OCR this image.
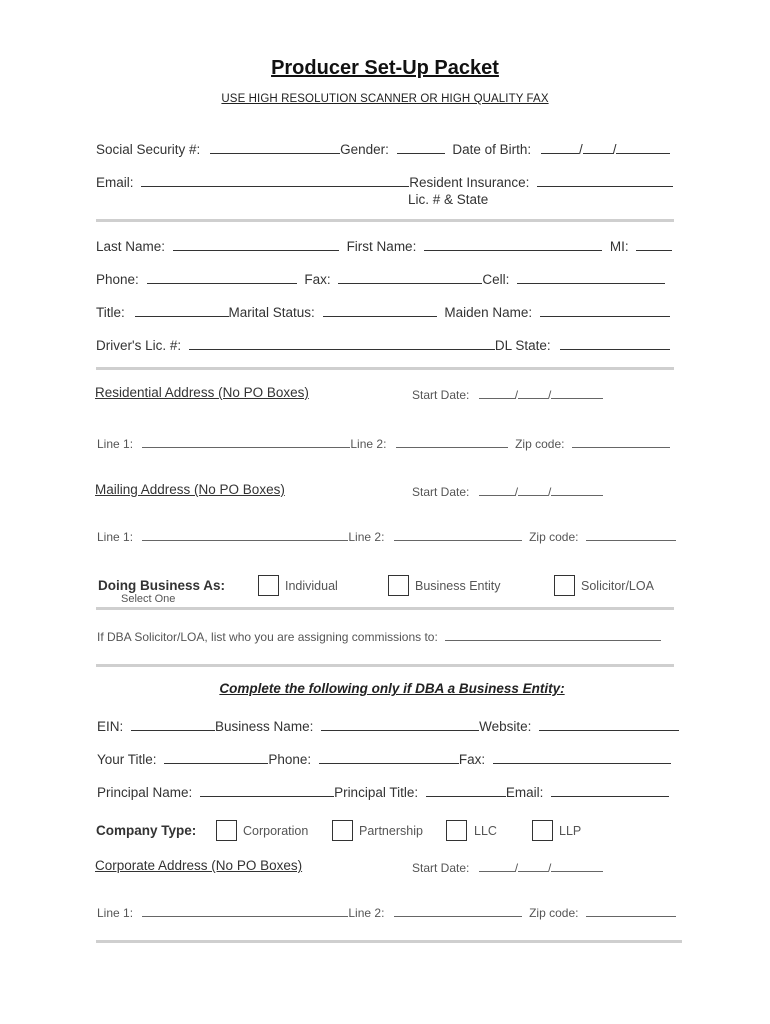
Producer Set-Up Packet
USE HIGH RESOLUTION SCANNER OR HIGH QUALITY FAX
Social Security #:	Gender:	Date of Birth:	/ /
Email:	Resident Insurance:
Lic. # & State
Last Name:	First Name:	MI:
Phone:	Fax:	Cell:
Title:	Marital Status:	Maiden Name:
Driver's Lic. #:	DL State:
Residential Address (No PO Boxes)	Start Date:	/	/
Line 1:	Line 2:	Zip code:
Mailing Address (No PO Boxes)	Start Date:	/	/
Line 1:	Line 2:	Zip code:
Doing Business As:
Select One
Individual	Business Entity	Solicitor/LOA
If DBA Solicitor/LOA, list who you are assigning commissions to:
Complete the following only if DBA a Business Entity:
EIN:	Business Name:	Website:
Your Title:	Phone:	Fax:
Principal Name:	Principal Title:	Email:
Company Type:	Corporation	Partnership	LLC	LLP
Corporate Address (No PO Boxes)	Start Date:	/	/
Line 1:	Line 2:	Zip code:
